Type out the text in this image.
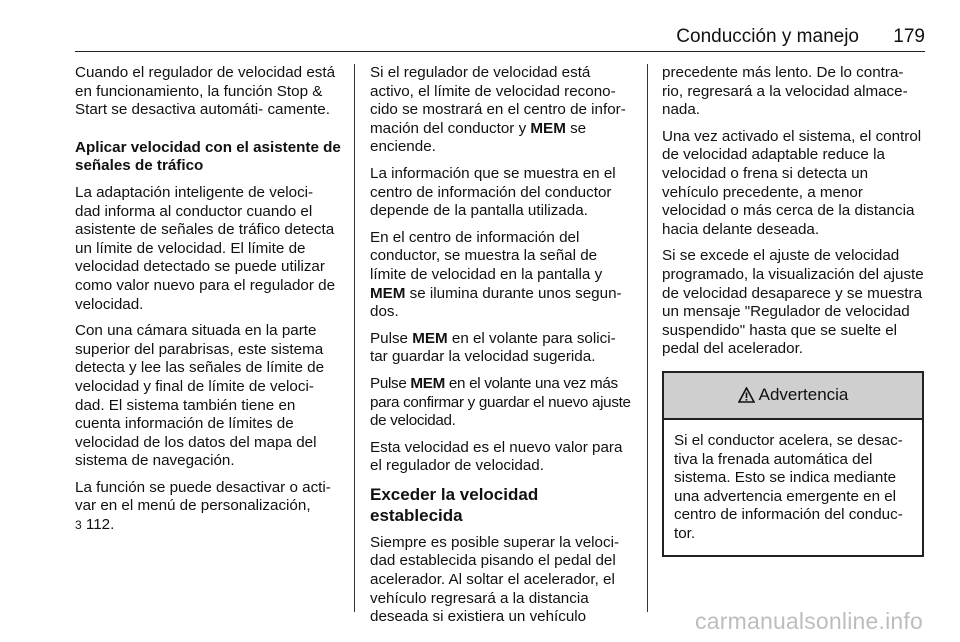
Conducción y manejo 179

Cuando el regulador de velocidad está en funcionamiento, la función Stop & Start se desactiva automáti- camente.

Aplicar velocidad con el asistente de señales de tráfico

La adaptación inteligente de veloci- dad informa al conductor cuando el asistente de señales de tráfico detecta un límite de velocidad. El límite de velocidad detectado se puede utilizar como valor nuevo para el regulador de velocidad.

Con una cámara situada en la parte superior del parabrisas, este sistema detecta y lee las señales de límite de velocidad y final de límite de veloci- dad. El sistema también tiene en cuenta información de límites de velocidad de los datos del mapa del sistema de navegación.

La función se puede desactivar o acti- var en el menú de personalización,
3 112.

Si el regulador de velocidad está activo, el límite de velocidad recono- cido se mostrará en el centro de infor- mación del conductor y MEM se enciende.

La información que se muestra en el centro de información del conductor depende de la pantalla utilizada.

En el centro de información del conductor, se muestra la señal de límite de velocidad en la pantalla y MEM se ilumina durante unos segun- dos.

Pulse MEM en el volante para solici- tar guardar la velocidad sugerida.

Pulse MEM en el volante una vez más para confirmar y guardar el nuevo ajuste de velocidad.

Esta velocidad es el nuevo valor para el regulador de velocidad.

Exceder la velocidad establecida

Siempre es posible superar la veloci- dad establecida pisando el pedal del acelerador. Al soltar el acelerador, el vehículo regresará a la distancia deseada si existiera un vehículo

precedente más lento. De lo contra- rio, regresará a la velocidad almace- nada.

Una vez activado el sistema, el control de velocidad adaptable reduce la velocidad o frena si detecta un vehículo precedente, a menor velocidad o más cerca de la distancia hacia delante deseada.

Si se excede el ajuste de velocidad programado, la visualización del ajuste de velocidad desaparece y se muestra un mensaje "Regulador de velocidad suspendido" hasta que se suelte el pedal del acelerador.

Advertencia
Si el conductor acelera, se desac- tiva la frenada automática del sistema. Esto se indica mediante una advertencia emergente en el centro de información del conduc- tor.
carmanualsonline.info
